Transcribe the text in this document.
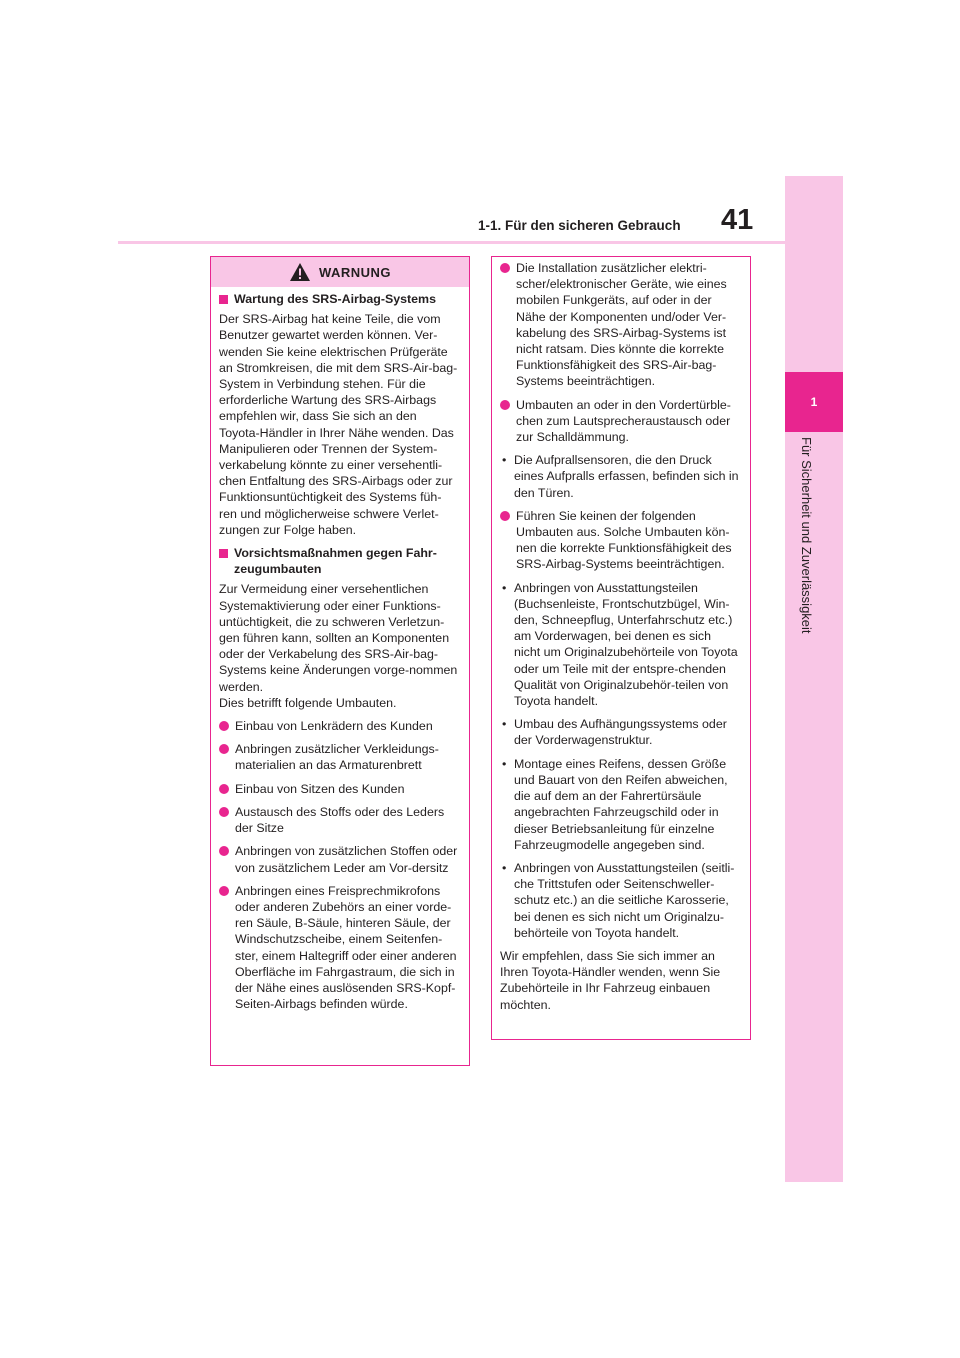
41
1-1. Für den sicheren Gebrauch
1
Für Sicherheit und Zuverlässigkeit
WARNUNG
Wartung des SRS-Airbag-Systems

Der SRS-Airbag hat keine Teile, die vom Benutzer gewartet werden können. Ver-wenden Sie keine elektrischen Prüfgeräte an Stromkreisen, die mit dem SRS-Air-bag-System in Verbindung stehen. Für die erforderliche Wartung des SRS-Airbags empfehlen wir, dass Sie sich an den Toyota-Händler in Ihrer Nähe wenden. Das Manipulieren oder Trennen der System-verkabelung könnte zu einer versehentli-chen Entfaltung des SRS-Airbags oder zur Funktionsuntüchtigkeit des Systems füh-ren und möglicherweise schwere Verlet-zungen zur Folge haben.

Vorsichtsmaßnahmen gegen Fahr-zeugumbauten

Zur Vermeidung einer versehentlichen Systemaktivierung oder einer Funktions-untüchtigkeit, die zu schweren Verletzun-gen führen kann, sollten an Komponenten oder der Verkabelung des SRS-Air-bag-Systems keine Änderungen vorge-nommen werden.
Dies betrifft folgende Umbauten.

Einbau von Lenkrädern des Kunden
Anbringen zusätzlicher Verkleidungs-materialien an das Armaturenbrett
Einbau von Sitzen des Kunden
Austausch des Stoffs oder des Leders der Sitze
Anbringen von zusätzlichen Stoffen oder von zusätzlichem Leder am Vor-dersitz
Anbringen eines Freisprechmikrofons oder anderen Zubehörs an einer vorde-ren Säule, B-Säule, hinteren Säule, der Windschutzscheibe, einem Seitenfen-ster, einem Haltegriff oder einer anderen Oberfläche im Fahrgastraum, die sich in der Nähe eines auslösenden SRS-Kopf-Seiten-Airbags befinden würde.
Die Installation zusätzlicher elektri-scher/elektronischer Geräte, wie eines mobilen Funkgeräts, auf oder in der Nähe der Komponenten und/oder Ver-kabelung des SRS-Airbag-Systems ist nicht ratsam. Dies könnte die korrekte Funktionsfähigkeit des SRS-Air-bag-Systems beeinträchtigen.
Umbauten an oder in den Vordertürble-chen zum Lautsprecheraustausch oder zur Schalldämmung.
• Die Aufprallsensoren, die den Druck eines Aufpralls erfassen, befinden sich in den Türen.
Führen Sie keinen der folgenden Umbauten aus. Solche Umbauten kön-nen die korrekte Funktionsfähigkeit des SRS-Airbag-Systems beeinträchtigen.
• Anbringen von Ausstattungsteilen (Buchsenleiste, Frontschutzbügel, Win-den, Schneepflug, Unterfahrschutz etc.) am Vorderwagen, bei denen es sich nicht um Originalzubehörteile von Toyota oder um Teile mit der entspre-chenden Qualität von Originalzubehör-teilen von Toyota handelt.
• Umbau des Aufhängungssystems oder der Vorderwagenstruktur.
• Montage eines Reifens, dessen Größe und Bauart von den Reifen abweichen, die auf dem an der Fahrertürsäule angebrachten Fahrzeugschild oder in dieser Betriebsanleitung für einzelne Fahrzeugmodelle angegeben sind.
• Anbringen von Ausstattungsteilen (seitli-che Trittstufen oder Seitenschweller-schutz etc.) an die seitliche Karosserie, bei denen es sich nicht um Originalzu-behörteile von Toyota handelt.

Wir empfehlen, dass Sie sich immer an Ihren Toyota-Händler wenden, wenn Sie Zubehörteile in Ihr Fahrzeug einbauen möchten.
